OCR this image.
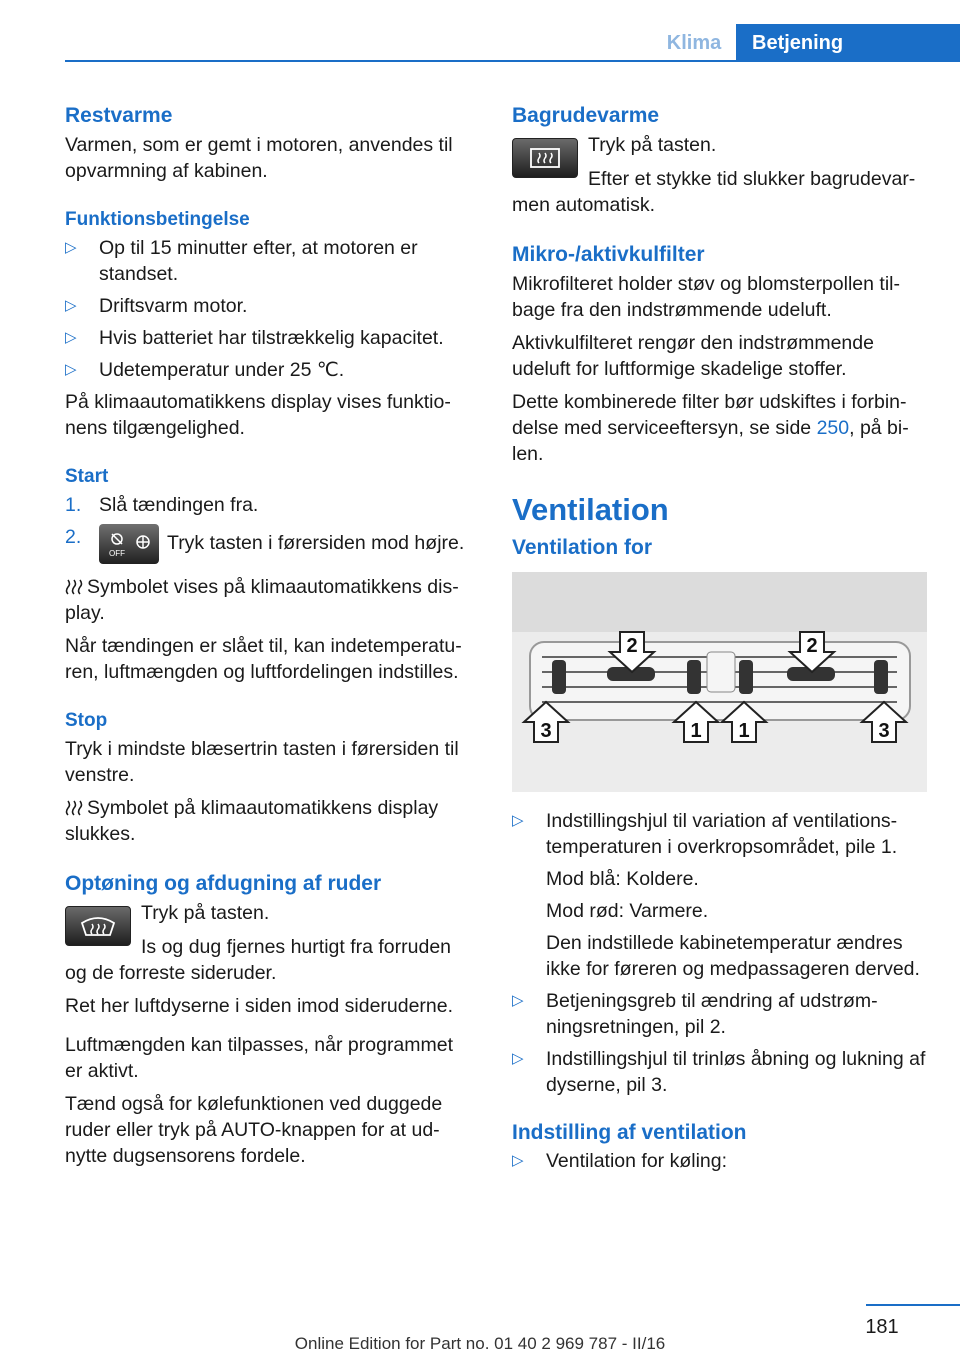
Klima	Betjening
Restvarme

Varmen, som er gemt i motoren, anvendes til opvarmning af kabinen.

Funktionsbetingelse
▷ Op til 15 minutter efter, at motoren er standset.
▷ Driftsvarm motor.
▷ Hvis batteriet har tilstrækkelig kapacitet.
▷ Udetemperatur under 25 ℃.

På klimaautomatikkens display vises funktio‐nens tilgængelighed.

Start
1. Slå tændingen fra.
2.
OFF Tryk tasten i førersiden mod højre.

Symbolet vises på klimaautomatikkens dis‐play.

Når tændingen er slået til, kan indetemperatu‐ren, luftmængden og luftfordelingen indstilles.

Stop

Tryk i mindste blæsertrin tasten i førersiden til venstre.

Symbolet på klimaautomatikkens display slukkes.

Optøning og afdugning af ruder
Tryk på tasten.

Is og dug fjernes hurtigt fra forruden og de forreste sideruder.

Ret her luftdyserne i siden imod sideruderne.

Luftmængden kan tilpasses, når programmet er aktivt.

Tænd også for kølefunktionen ved duggede ruder eller tryk på AUTO-knappen for at ud‐nytte dugsensorens fordele.

Bagrudevarme
Tryk på tasten.

Efter et stykke tid slukker bagrudevar‐men automatisk.

Mikro-/aktivkulfilter

Mikrofilteret holder støv og blomsterpollen til‐bage fra den indstrømmende udeluft.

Aktivkulfilteret rengør den indstrømmende udeluft for luftformige skadelige stoffer.

Dette kombinerede filter bør udskiftes i forbin‐delse med serviceeftersyn, se side 250, på bi‐len.

Ventilation
Ventilation for
2	2
3	1 1	3
▷ Indstillingshjul til variation af ventilations‐temperaturen i overkropsområdet, pile 1.
Mod blå: Koldere.
Mod rød: Varmere.
Den indstillede kabinetemperatur ændres ikke for føreren og medpassageren derved.
▷ Betjeningsgreb til ændring af udstrøm‐ningsretningen, pil 2.
▷ Indstillingshjul til trinløs åbning og lukning af dyserne, pil 3.
Indstilling af ventilation
▷ Ventilation for køling:
181
Online Edition for Part no. 01 40 2 969 787 - II/16
